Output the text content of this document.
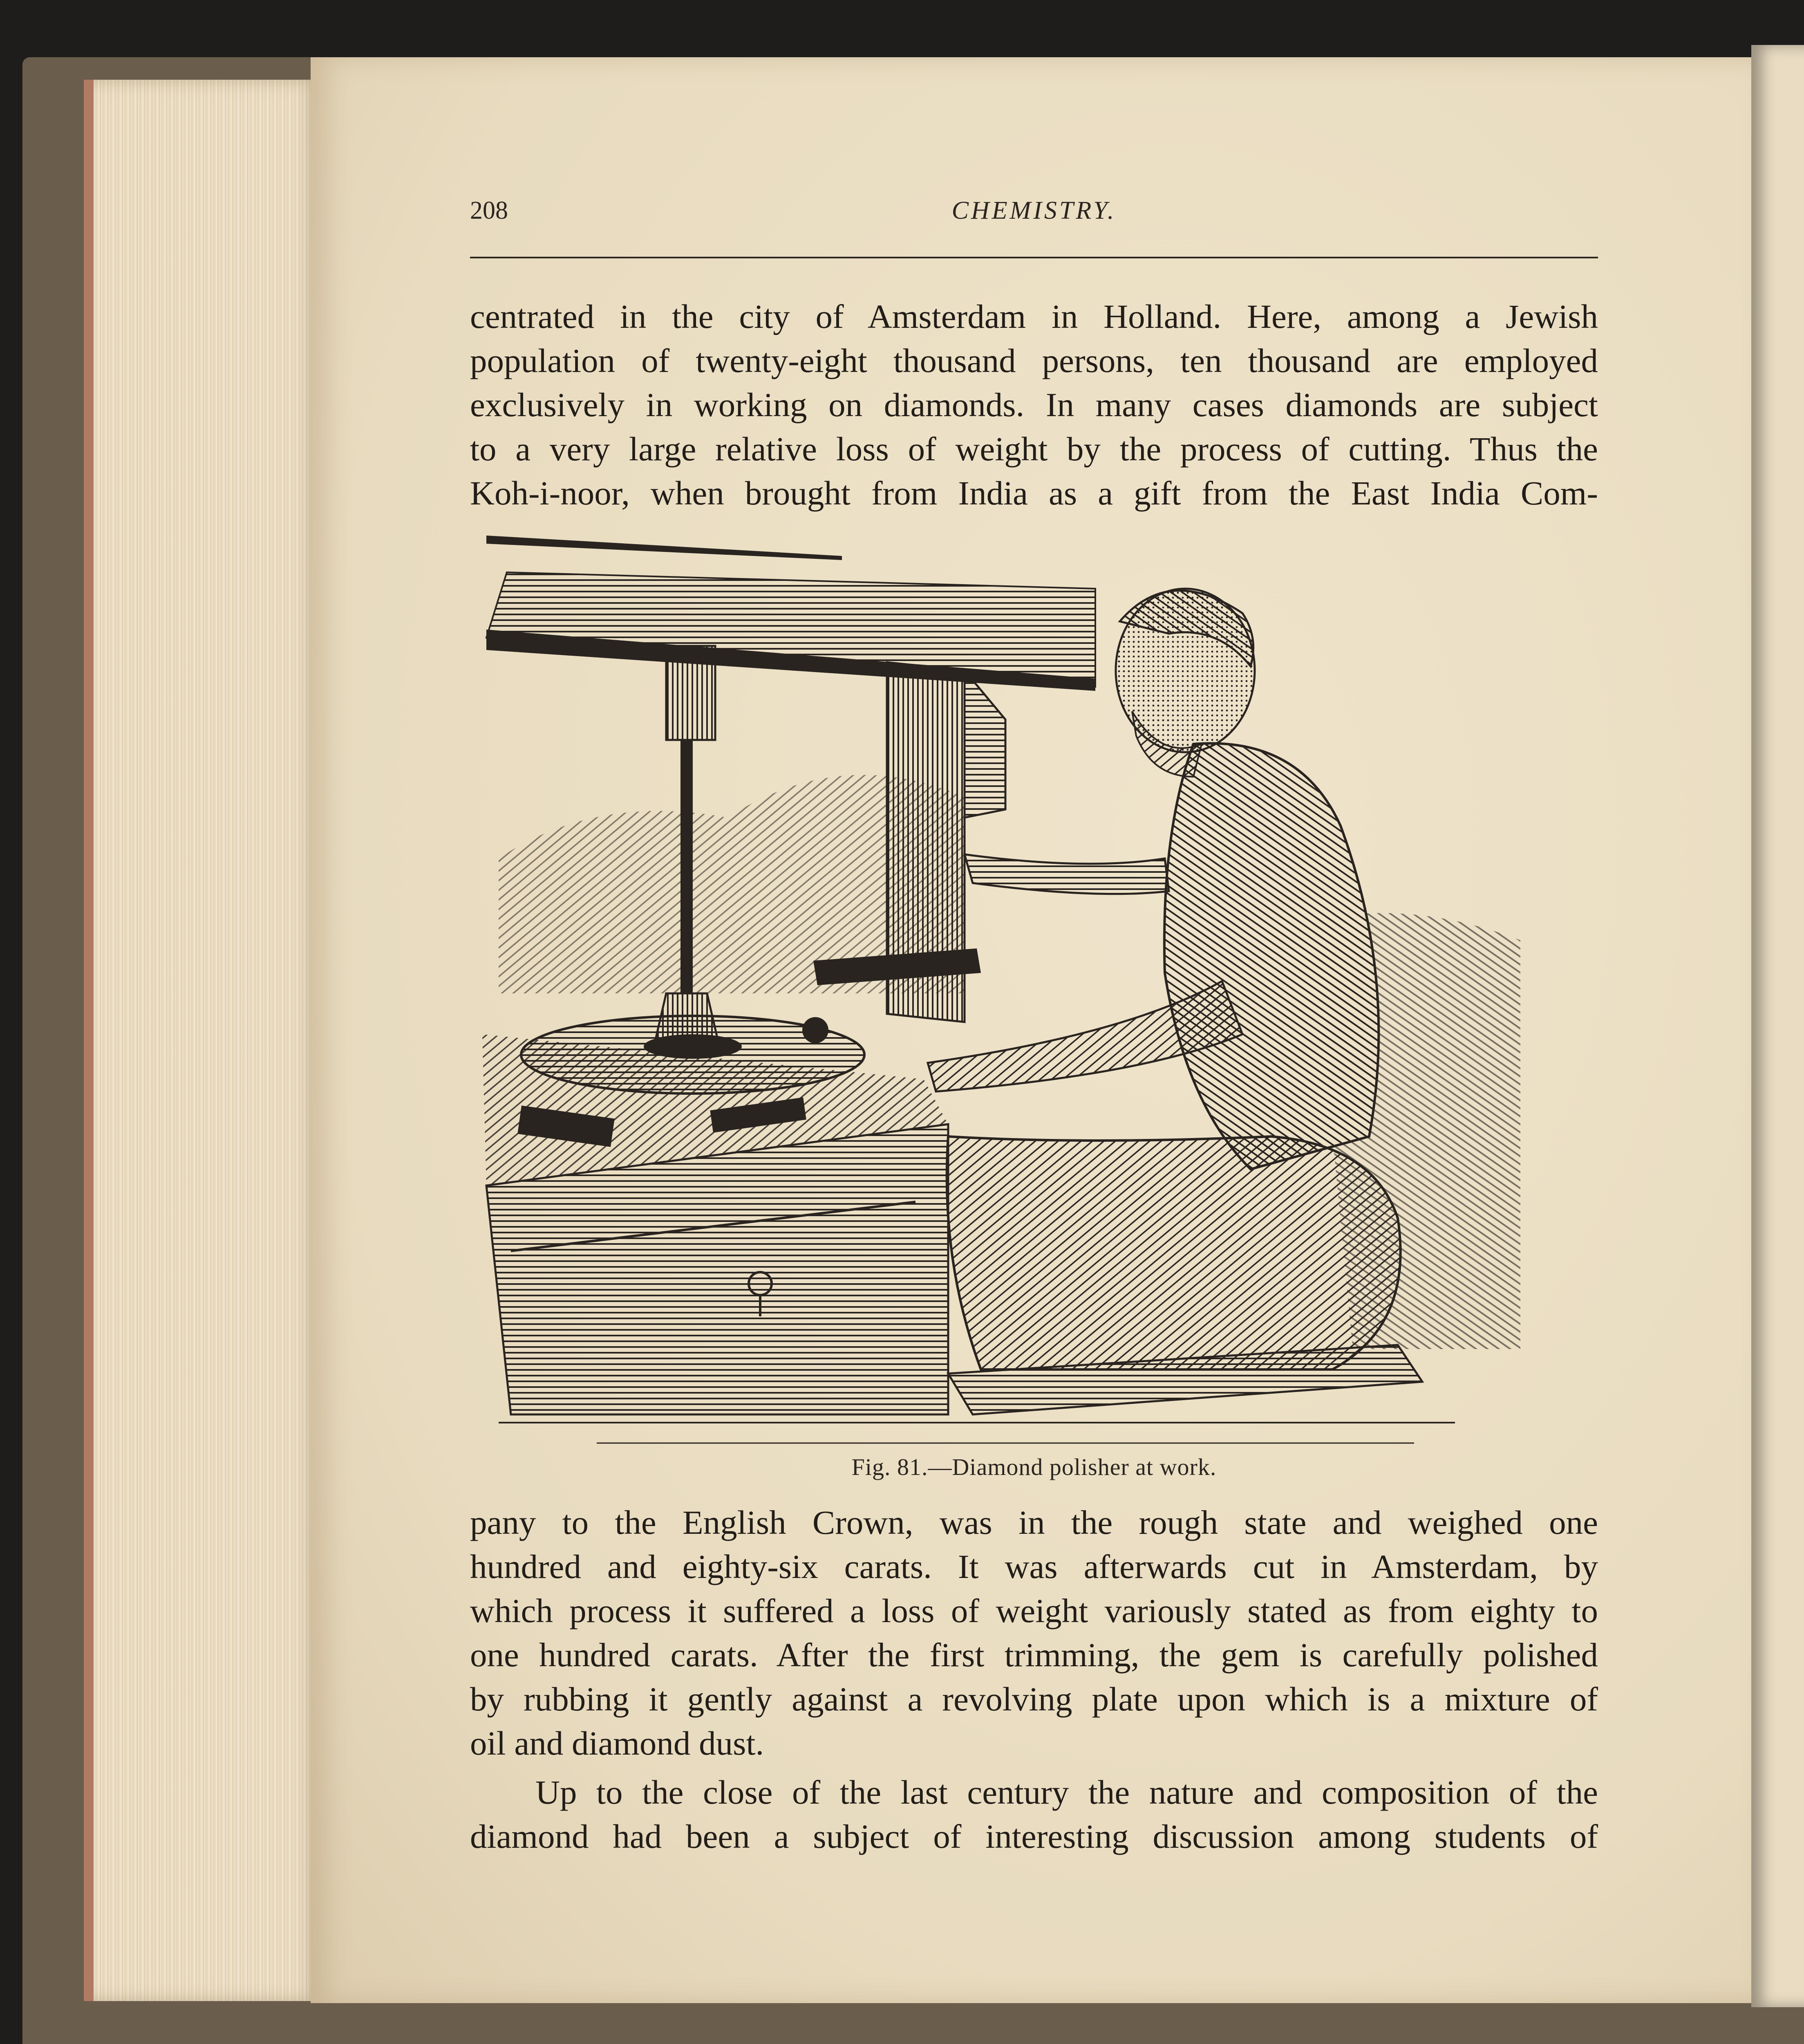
208	CHEMISTRY.

centrated in the city of Amsterdam in Holland. Here, among a Jewish

population of twenty-eight thousand persons, ten thousand are employed

exclusively in working on diamonds. In many cases diamonds are subject

to a very large relative loss of weight by the process of cutting. Thus the

Koh-i-noor, when brought from India as a gift from the East India Com-

Fig. 81.—Diamond polisher at work.

pany to the English Crown, was in the rough state and weighed one

hundred and eighty-six carats. It was afterwards cut in Amsterdam, by

which process it suffered a loss of weight variously stated as from eighty to

one hundred carats. After the first trimming, the gem is carefully polished

by rubbing it gently against a revolving plate upon which is a mixture of

oil and diamond dust.

Up to the close of the last century the nature and composition of the

diamond had been a subject of interesting discussion among students of
